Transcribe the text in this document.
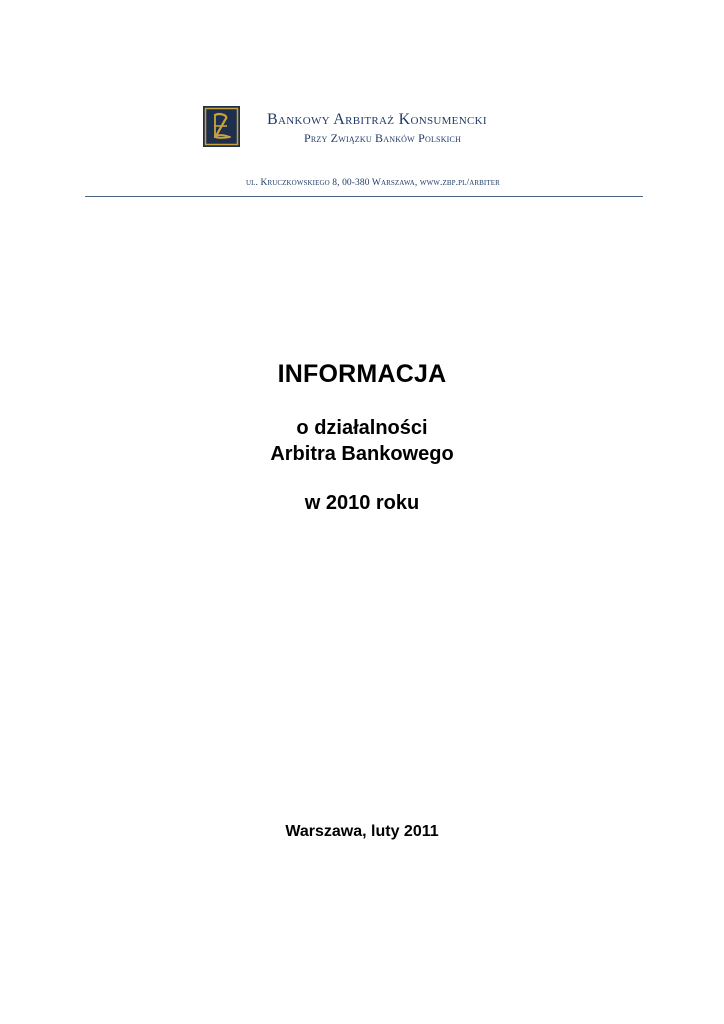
Bankowy Arbitraż Konsumencki
Przy Związku Banków Polskich
ul. Kruczkowskiego 8, 00-380 Warszawa, www.zbp.pl/arbiter
INFORMACJA
o działalności
Arbitra Bankowego
w 2010 roku
Warszawa, luty 2011
